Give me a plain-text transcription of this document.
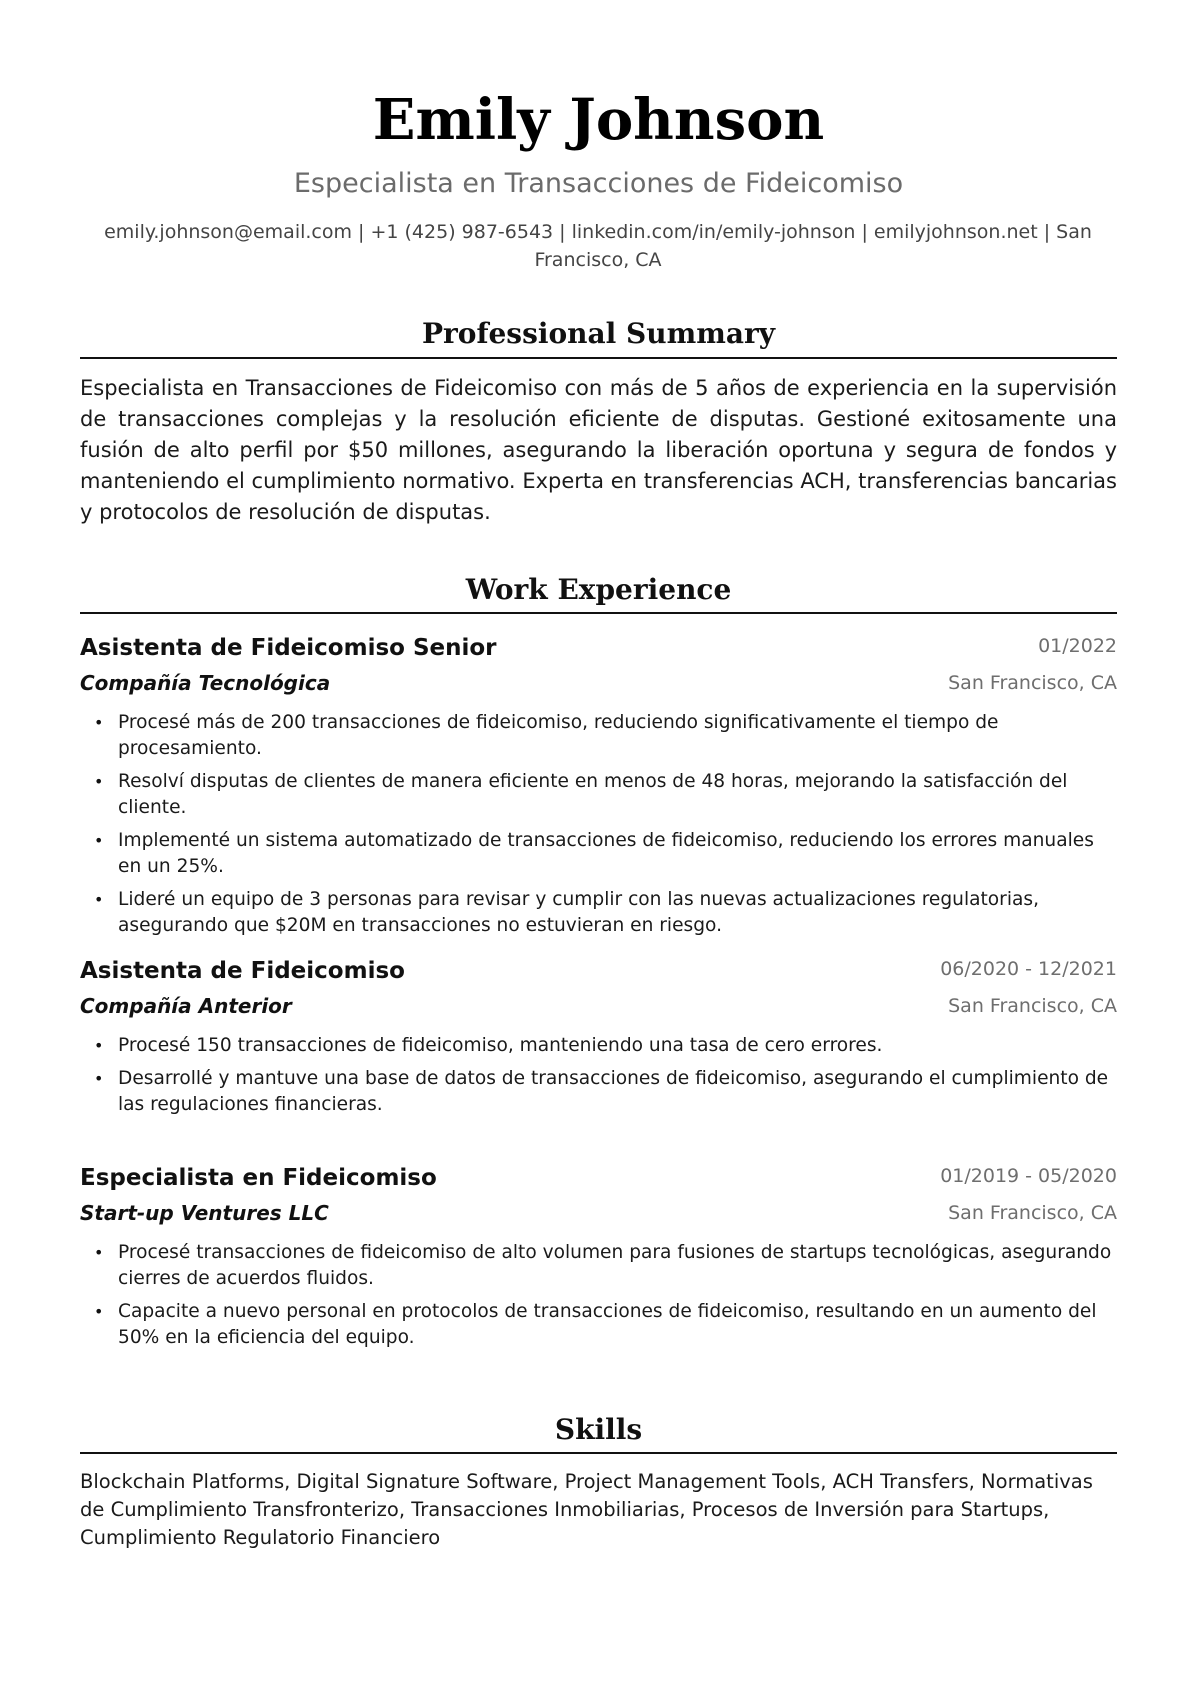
Emily Johnson
Especialista en Transacciones de Fideicomiso
emily.johnson@email.com | +1 (425) 987-6543 | linkedin.com/in/emily-johnson | emilyjohnson.net | San Francisco, CA
Professional Summary
Especialista en Transacciones de Fideicomiso con más de 5 años de experiencia en la supervisión de transacciones complejas y la resolución eficiente de disputas. Gestioné exitosamente una fusión de alto perfil por $50 millones, asegurando la liberación oportuna y segura de fondos y manteniendo el cumplimiento normativo. Experta en transferencias ACH, transferencias bancarias y protocolos de resolución de disputas.
Work Experience
Asistenta de Fideicomiso Senior	01/2022
Compañía Tecnológica	San Francisco, CA
• Procesé más de 200 transacciones de fideicomiso, reduciendo significativamente el tiempo de procesamiento.
• Resolví disputas de clientes de manera eficiente en menos de 48 horas, mejorando la satisfacción del cliente.
• Implementé un sistema automatizado de transacciones de fideicomiso, reduciendo los errores manuales en un 25%.
• Lideré un equipo de 3 personas para revisar y cumplir con las nuevas actualizaciones regulatorias, asegurando que $20M en transacciones no estuvieran en riesgo.
Asistenta de Fideicomiso	06/2020 - 12/2021
Compañía Anterior	San Francisco, CA
• Procesé 150 transacciones de fideicomiso, manteniendo una tasa de cero errores.
• Desarrollé y mantuve una base de datos de transacciones de fideicomiso, asegurando el cumplimiento de las regulaciones financieras.
Especialista en Fideicomiso	01/2019 - 05/2020
Start-up Ventures LLC	San Francisco, CA
• Procesé transacciones de fideicomiso de alto volumen para fusiones de startups tecnológicas, asegurando cierres de acuerdos fluidos.
• Capacite a nuevo personal en protocolos de transacciones de fideicomiso, resultando en un aumento del 50% en la eficiencia del equipo.
Skills
Blockchain Platforms, Digital Signature Software, Project Management Tools, ACH Transfers, Normativas de Cumplimiento Transfronterizo, Transacciones Inmobiliarias, Procesos de Inversión para Startups, Cumplimiento Regulatorio Financiero
